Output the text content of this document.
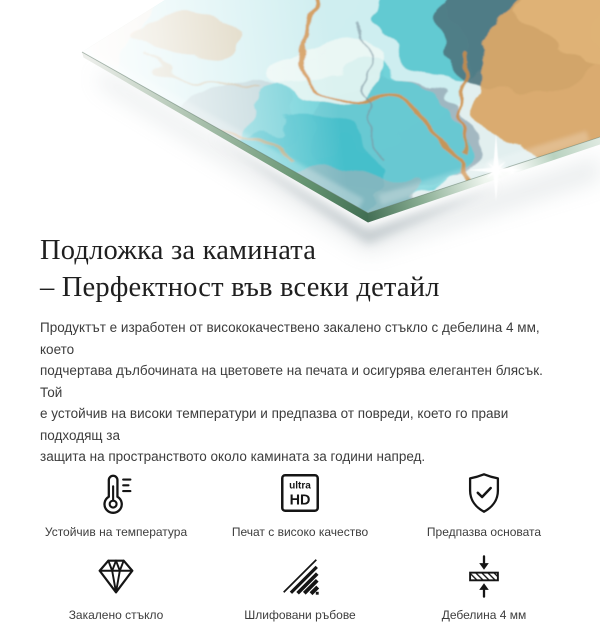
Подложка за камината
– Перфектност във всеки детайл

Продуктът е изработен от висококачествено закалено стъкло с дебелина 4 мм, което
подчертава дълбочината на цветовете на печата и осигурява елегантен блясък. Той
е устойчив на високи температури и предпазва от повреди, което го прави подходящ за
защита на пространството около камината за години напред.

Устойчив на температура
ultra
HD
Печат с високо качество	Предпазва основата
Закалено стъкло	Шлифовани ръбове	Дебелина 4 мм
